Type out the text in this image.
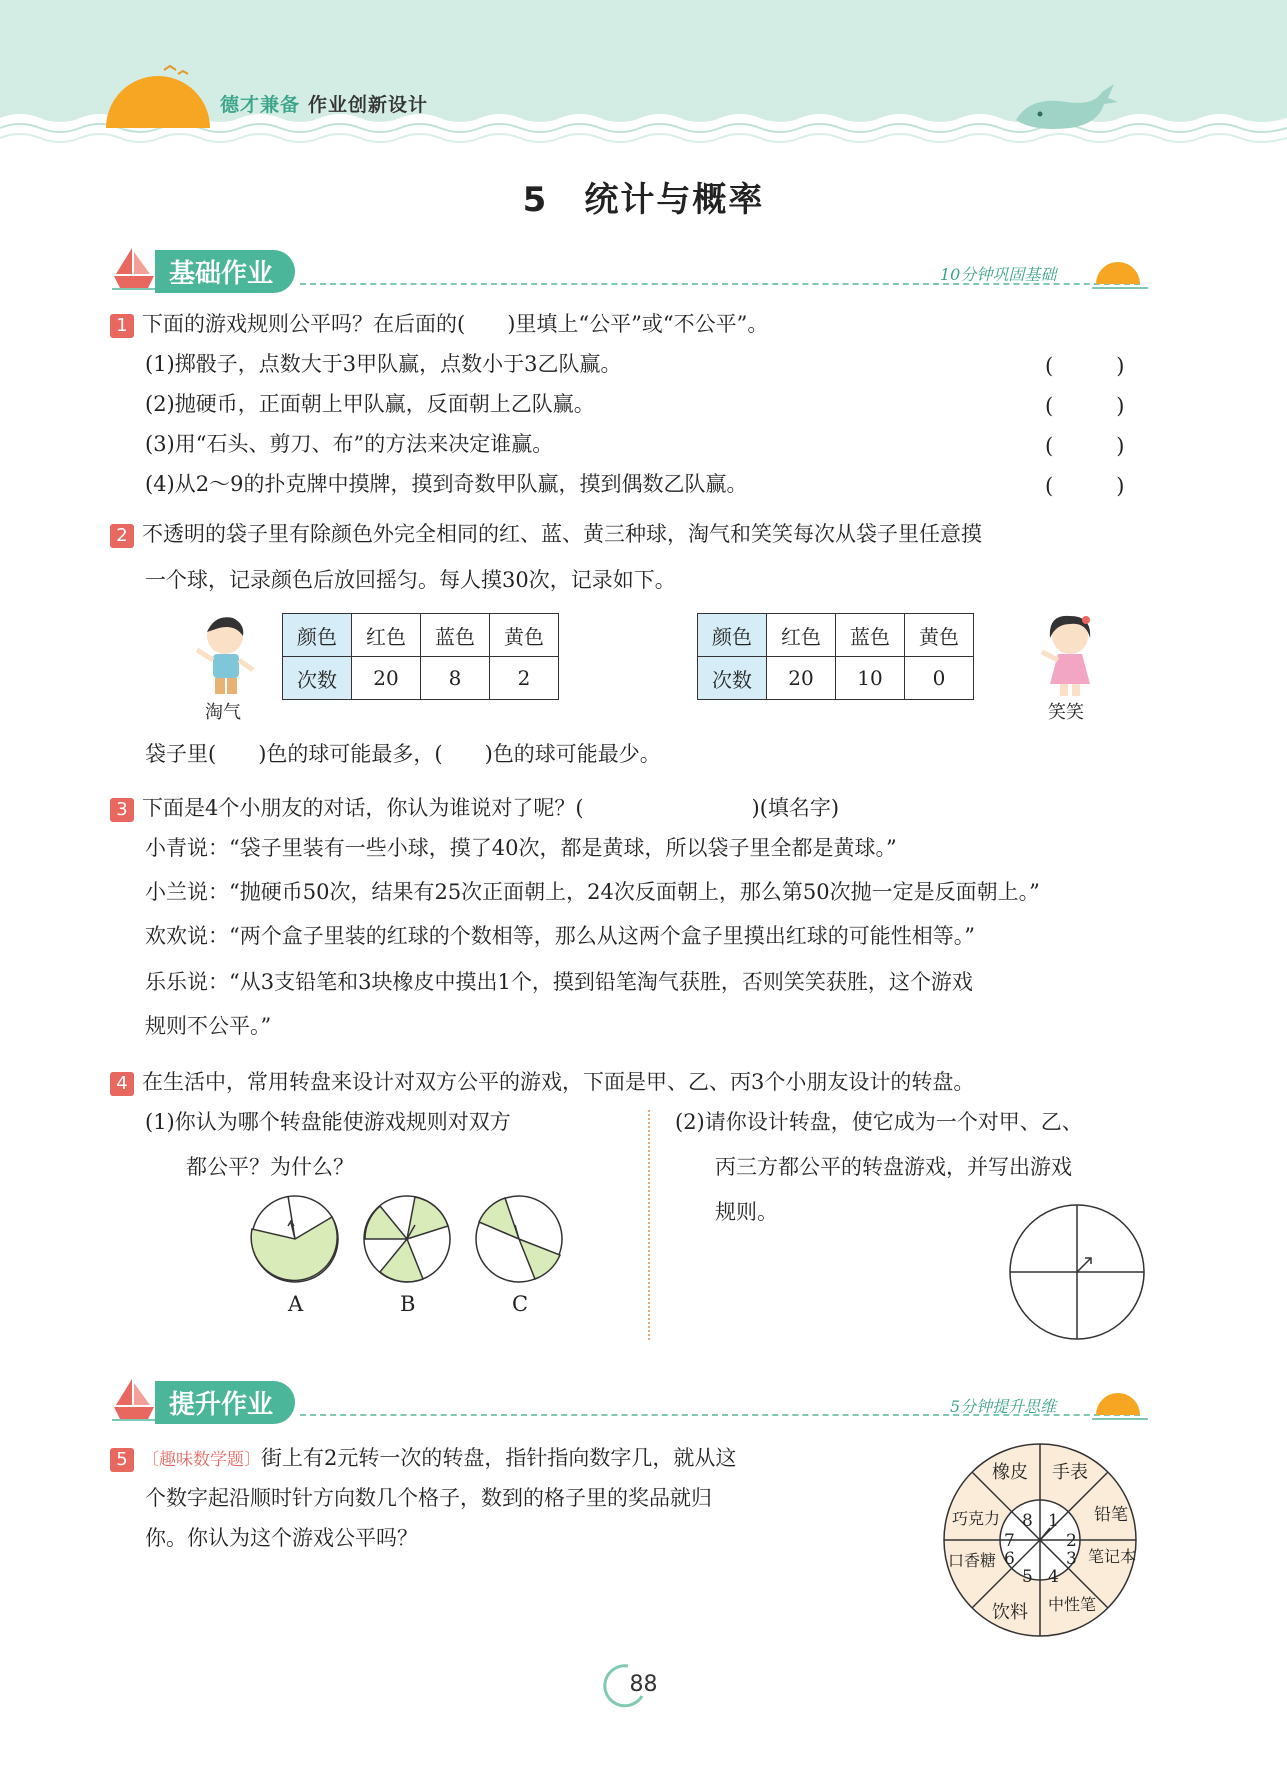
德才兼备 作业创新设计
5　统计与概率
基础作业	10分钟巩固基础
1 下面的游戏规则公平吗？在后面的(　　)里填上“公平”或“不公平”。
(1)掷骰子，点数大于3甲队赢，点数小于3乙队赢。
(2)抛硬币，正面朝上甲队赢，反面朝上乙队赢。
(3)用“石头、剪刀、布”的方法来决定谁赢。
(4)从2～9的扑克牌中摸牌，摸到奇数甲队赢，摸到偶数乙队赢。
(　　　)
(　　　)
(　　　)
(　　　)
2 不透明的袋子里有除颜色外完全相同的红、蓝、黄三种球，淘气和笑笑每次从袋子里任意摸
一个球，记录颜色后放回摇匀。每人摸30次，记录如下。
淘气
颜色	红色	蓝色	黄色
次数	20	8	2
颜色	红色	蓝色	黄色
次数	20	10	0
笑笑
袋子里(　　)色的球可能最多，(　　)色的球可能最少。
3 下面是4个小朋友的对话，你认为谁说对了呢？(　　　　　　　　)(填名字)
小青说：“袋子里装有一些小球，摸了40次，都是黄球，所以袋子里全都是黄球。”
小兰说：“抛硬币50次，结果有25次正面朝上，24次反面朝上，那么第50次抛一定是反面朝上。”
欢欢说：“两个盒子里装的红球的个数相等，那么从这两个盒子里摸出红球的可能性相等。”
乐乐说：“从3支铅笔和3块橡皮中摸出1个，摸到铅笔淘气获胜，否则笑笑获胜，这个游戏
规则不公平。”
4 在生活中，常用转盘来设计对双方公平的游戏，下面是甲、乙、丙3个小朋友设计的转盘。
(1)你认为哪个转盘能使游戏规则对双方
都公平？为什么？
(2)请你设计转盘，使它成为一个对甲、乙、
丙三方都公平的转盘游戏，并写出游戏
规则。
A	B	C
提升作业	5分钟提升思维
5 〔趣味数学题〕街上有2元转一次的转盘，指针指向数字几，就从这
个数字起沿顺时针方向数几个格子，数到的格子里的奖品就归
你。你认为这个游戏公平吗？
1
2
3
4
5
6
7
8
手表
铅笔
笔记本
中性笔
饮料
口香糖
巧克力
橡皮
88
